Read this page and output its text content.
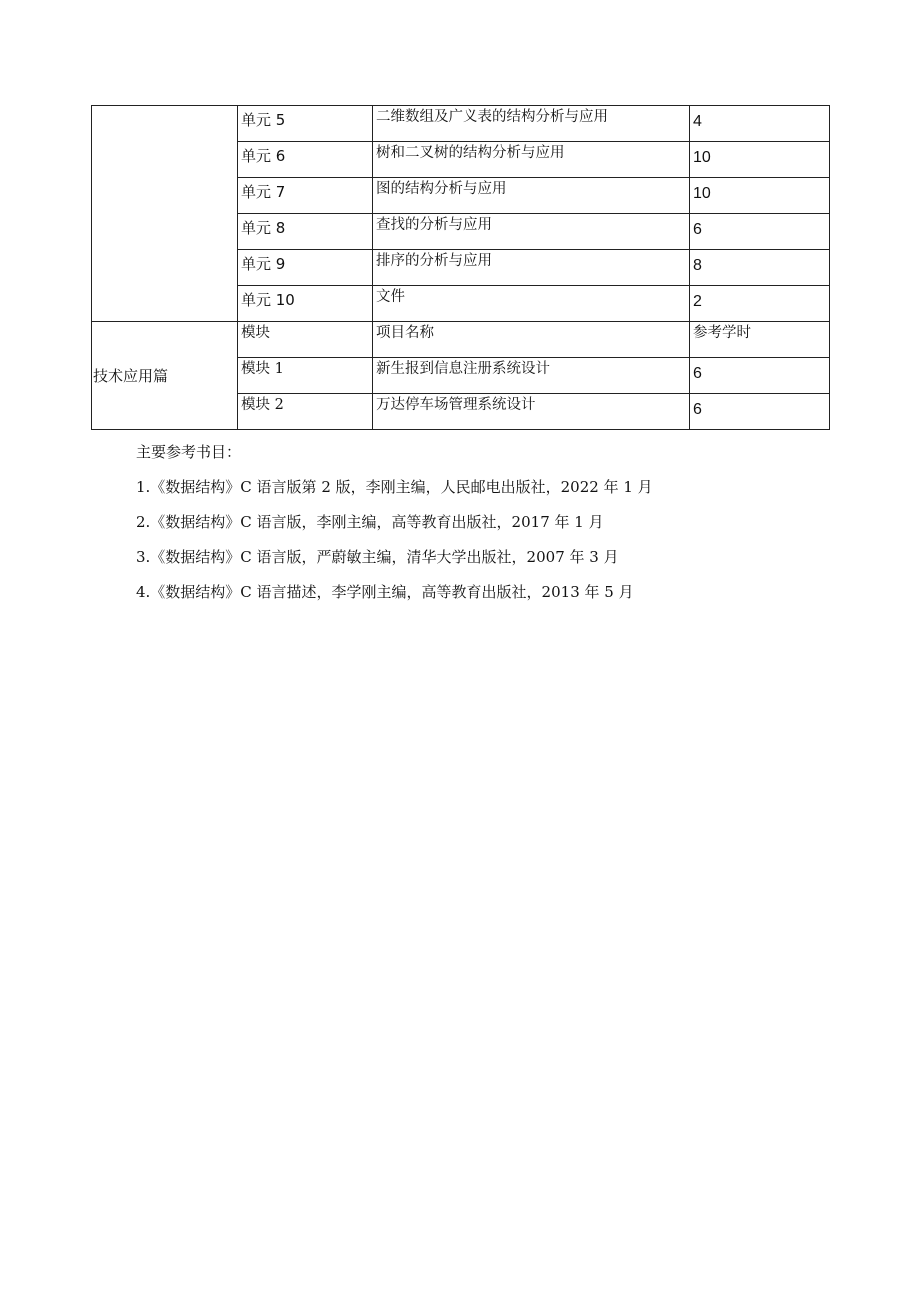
	单元 5	二维数组及广义表的结构分析与应用	4
	单元 6	树和二叉树的结构分析与应用	10
	单元 7	图的结构分析与应用	10
	单元 8	查找的分析与应用	6
	单元 9	排序的分析与应用	8
	单元 10	文件	2
技术应用篇	模块	项目名称	参考学时
	模块 1	新生报到信息注册系统设计	6
	模块 2	万达停车场管理系统设计	6
主要参考书目：
1.《数据结构》C 语言版第 2 版，李刚主编，人民邮电出版社，2022 年 1 月
2.《数据结构》C 语言版，李刚主编，高等教育出版社，2017 年 1 月
3.《数据结构》C 语言版，严蔚敏主编，清华大学出版社，2007 年 3 月
4.《数据结构》C 语言描述，李学刚主编，高等教育出版社，2013 年 5 月
